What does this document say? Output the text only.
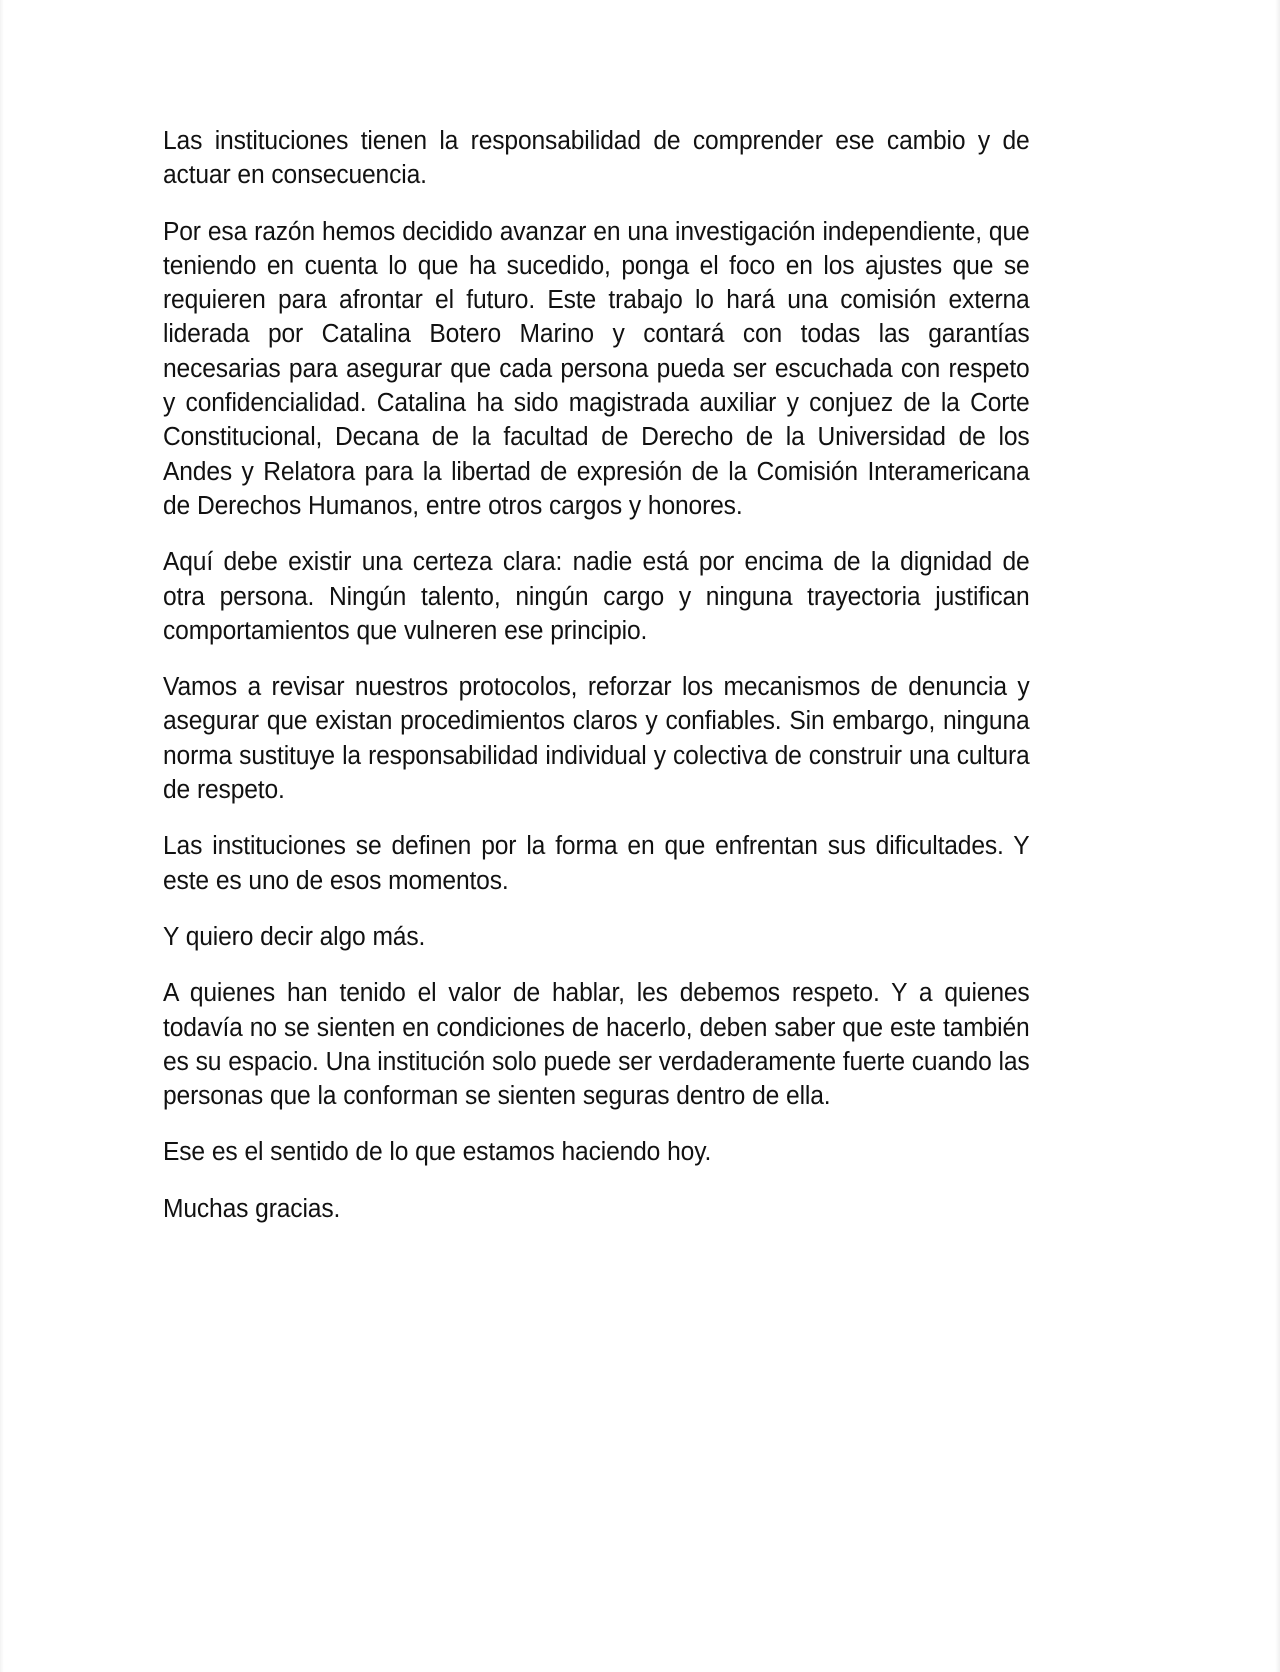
Las instituciones tienen la responsabilidad de comprender ese cambio y de actuar en consecuencia.

Por esa razón hemos decidido avanzar en una investigación independiente, que teniendo en cuenta lo que ha sucedido, ponga el foco en los ajustes que se requieren para afrontar el futuro. Este trabajo lo hará una comisión externa liderada por Catalina Botero Marino y contará con todas las garantías necesarias para asegurar que cada persona pueda ser escuchada con respeto y confidencialidad. Catalina ha sido magistrada auxiliar y conjuez de la Corte Constitucional, Decana de la facultad de Derecho de la Universidad de los Andes y Relatora para la libertad de expresión de la Comisión Interamericana de Derechos Humanos, entre otros cargos y honores.

Aquí debe existir una certeza clara: nadie está por encima de la dignidad de otra persona. Ningún talento, ningún cargo y ninguna trayectoria justifican comportamientos que vulneren ese principio.

Vamos a revisar nuestros protocolos, reforzar los mecanismos de denuncia y asegurar que existan procedimientos claros y confiables. Sin embargo, ninguna norma sustituye la responsabilidad individual y colectiva de construir una cultura de respeto.

Las instituciones se definen por la forma en que enfrentan sus dificultades. Y este es uno de esos momentos.

Y quiero decir algo más.

A quienes han tenido el valor de hablar, les debemos respeto. Y a quienes todavía no se sienten en condiciones de hacerlo, deben saber que este también es su espacio. Una institución solo puede ser verdaderamente fuerte cuando las personas que la conforman se sienten seguras dentro de ella.

Ese es el sentido de lo que estamos haciendo hoy.

Muchas gracias.
